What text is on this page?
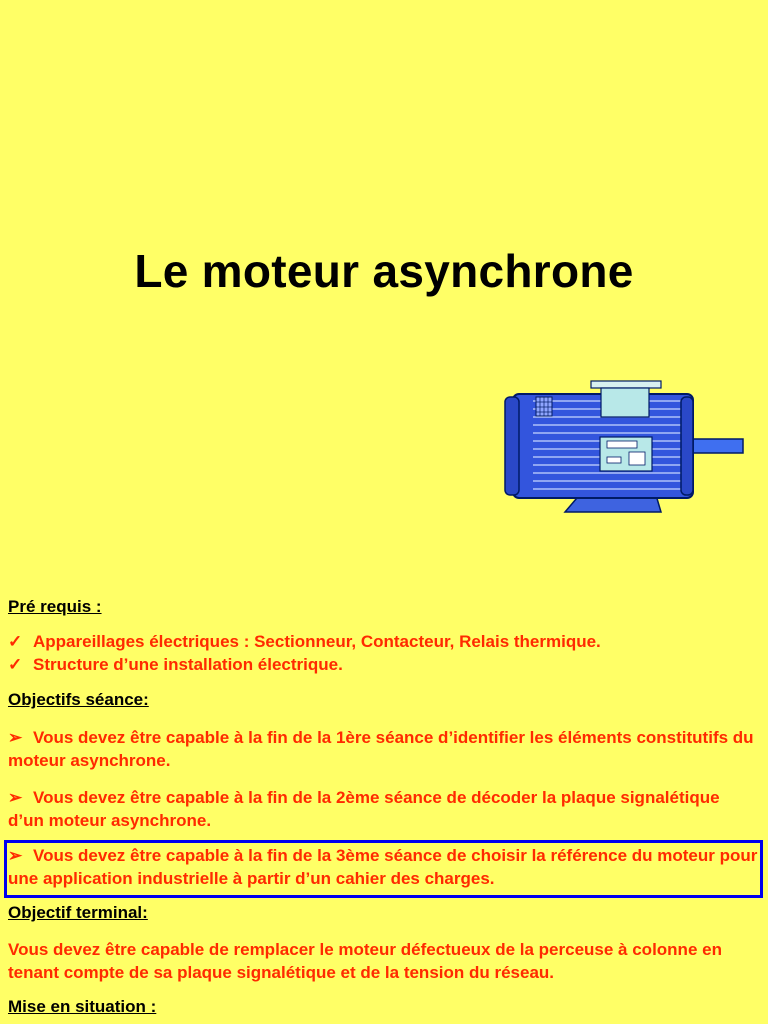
Le moteur asynchrone
Pré requis :
✓ Appareillages électriques : Sectionneur, Contacteur, Relais thermique.
✓ Structure d’une installation électrique.
Objectifs séance:
➢ Vous devez être capable à la fin de la 1ère séance d’identifier les éléments constitutifs du moteur asynchrone.
➢ Vous devez être capable à la fin de la 2ème séance de décoder la plaque signalétique d’un moteur asynchrone.
➢ Vous devez être capable à la fin de la 3ème séance de choisir la référence du moteur pour une application industrielle à partir d’un cahier des charges.
Objectif terminal:
Vous devez être capable de remplacer le moteur défectueux de la perceuse à colonne en tenant compte de sa plaque signalétique et de la tension du réseau.
Mise en situation :
